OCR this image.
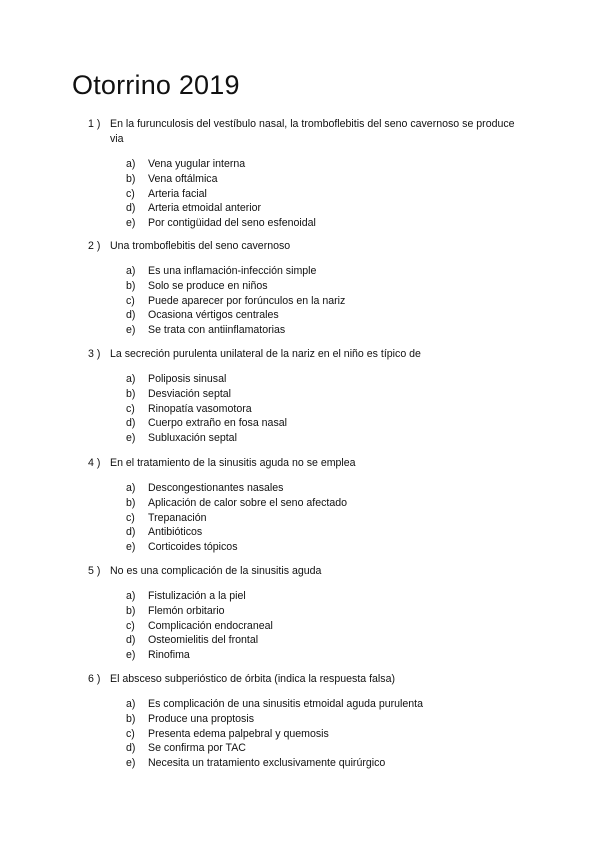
Otorrino 2019
1 ) En la furunculosis del vestíbulo nasal, la tromboflebitis del seno cavernoso se produce via
a)	Vena yugular interna
b)	Vena oftálmica
c)	Arteria facial
d)	Arteria etmoidal anterior
e)	Por contigüidad del seno esfenoidal
2 ) Una tromboflebitis del seno cavernoso
a)	Es una inflamación-infección simple
b)	Solo se produce en niños
c)	Puede aparecer por forúnculos en la nariz
d)	Ocasiona vértigos centrales
e)	Se trata con antiinflamatorias
3 ) La secreción purulenta unilateral de la nariz en el niño es típico de
a)	Poliposis sinusal
b)	Desviación septal
c)	Rinopatía vasomotora
d)	Cuerpo extraño en fosa nasal
e)	Subluxación septal
4 ) En el tratamiento de la sinusitis aguda no se emplea
a)	Descongestionantes nasales
b)	Aplicación de calor sobre el seno afectado
c)	Trepanación
d)	Antibióticos
e)	Corticoides tópicos
5 ) No es una complicación de la sinusitis aguda
a)	Fistulización a la piel
b)	Flemón orbitario
c)	Complicación endocraneal
d)	Osteomielitis del frontal
e)	Rinofima
6 ) El absceso subperióstico de órbita (indica la respuesta falsa)
a)	Es complicación de una sinusitis etmoidal aguda purulenta
b)	Produce una proptosis
c)	Presenta edema palpebral y quemosis
d)	Se confirma por TAC
e)	Necesita un tratamiento exclusivamente quirúrgico
